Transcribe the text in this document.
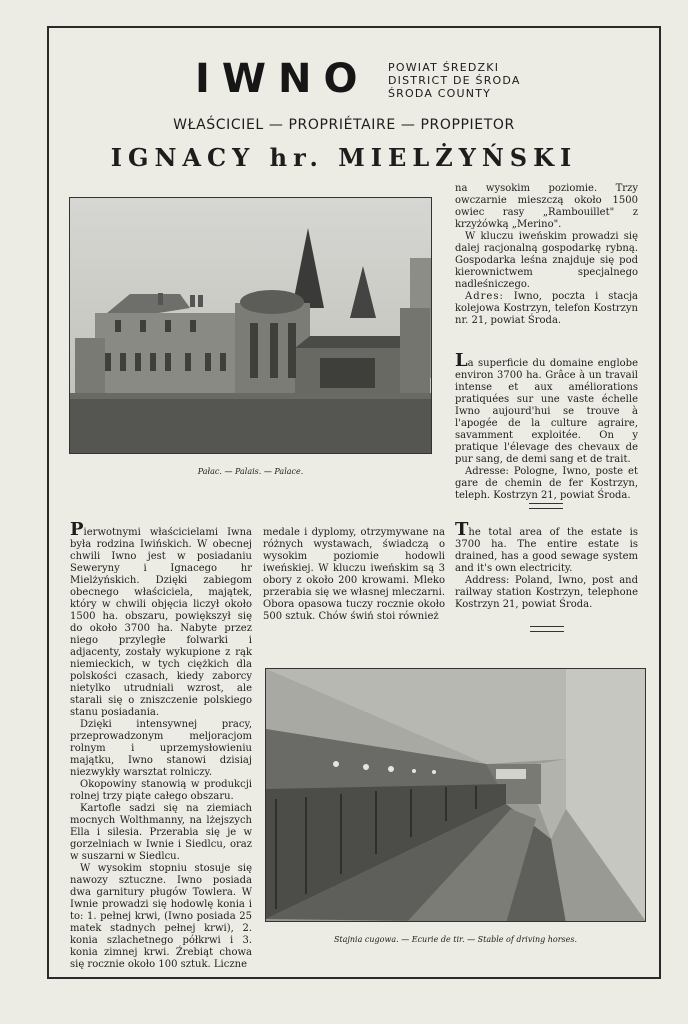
IWNO POWIAT ŚREDZKI
DISTRICT DE ŚRODA
ŚRODA COUNTY
WŁAŚCICIEL — PROPRIÉTAIRE — PROPPIETOR
IGNACY hr. MIELŻYŃSKI
Pałac. — Palais. — Palace.

na wysokim poziomie. Trzy owczarnie mieszczą około 1500 owiec rasy „Rambouillet" z krzyżówką „Merino".

W kluczu iweńskim prowadzi się dalej racjonalną gospodarkę rybną. Gospodarka leśna znajduje się pod kierownictwem specjalnego nadleśniczego.

Adres: Iwno, poczta i stacja kolejowa Kostrzyn, telefon Kostrzyn nr. 21, powiat Środa.

La superficie du domaine englobe environ 3700 ha. Grâce à un travail intense et aux améliorations pratiquées sur une vaste échelle Iwno aujourd'hui se trouve à l'apogée de la culture agraire, savamment exploitée. On y pratique l'élevage des chevaux de pur sang, de demi sang et de trait.

Adresse: Pologne, Iwno, poste et gare de chemin de fer Kostrzyn, teleph. Kostrzyn 21, powiat Środa.

Pierwotnymi właścicielami Iwna była rodzina Iwińskich. W obecnej chwili Iwno jest w posiadaniu Seweryny i Ignacego hr Mielżyńskich. Dzięki zabiegom obecnego właściciela, majątek, który w chwili objęcia liczył około 1500 ha. obszaru, powiększył się do około 3700 ha. Nabyte przez niego przyległe folwarki i adjacenty, zostały wykupione z rąk niemieckich, w tych ciężkich dla polskości czasach, kiedy zaborcy nietylko utrudniali wzrost, ale starali się o zniszczenie polskiego stanu posiadania.

Dzięki intensywnej pracy, przeprowadzonym meljoracjom rolnym i uprzemysłowieniu majątku, Iwno stanowi dzisiaj niezwykły warsztat rolniczy.

Okopowiny stanowią w produkcji rolnej trzy piąte całego obszaru.

Kartofle sadzi się na ziemiach mocnych Wolthmanny, na lżejszych Ella i silesia. Przerabia się je w gorzelniach w Iwnie i Siedlcu, oraz w suszarni w Siedlcu.

W wysokim stopniu stosuje się nawozy sztuczne. Iwno posiada dwa garnitury pługów Towlera. W Iwnie prowadzi się hodowlę konia i to: 1. pełnej krwi, (Iwno posiada 25 matek stadnych pełnej krwi), 2. konia szlachetnego półkrwi i 3. konia zimnej krwi. Źrebiąt chowa się rocznie około 100 sztuk. Liczne

medale i dyplomy, otrzymywane na różnych wystawach, świadczą o wysokim poziomie hodowli iweńskiej. W kluczu iweńskim są 3 obory z około 200 krowami. Mleko przerabia się we własnej mleczarni. Obora opasowa tuczy rocznie około 500 sztuk. Chów świń stoi również

The total area of the estate is 3700 ha. The entire estate is drained, has a good sewage system and it's own electricity.

Address: Poland, Iwno, post and railway station Kostrzyn, telephone Kostrzyn 21, powiat Środa.

Stajnia cugowa. — Ecurie de tir. — Stable of driving horses.
